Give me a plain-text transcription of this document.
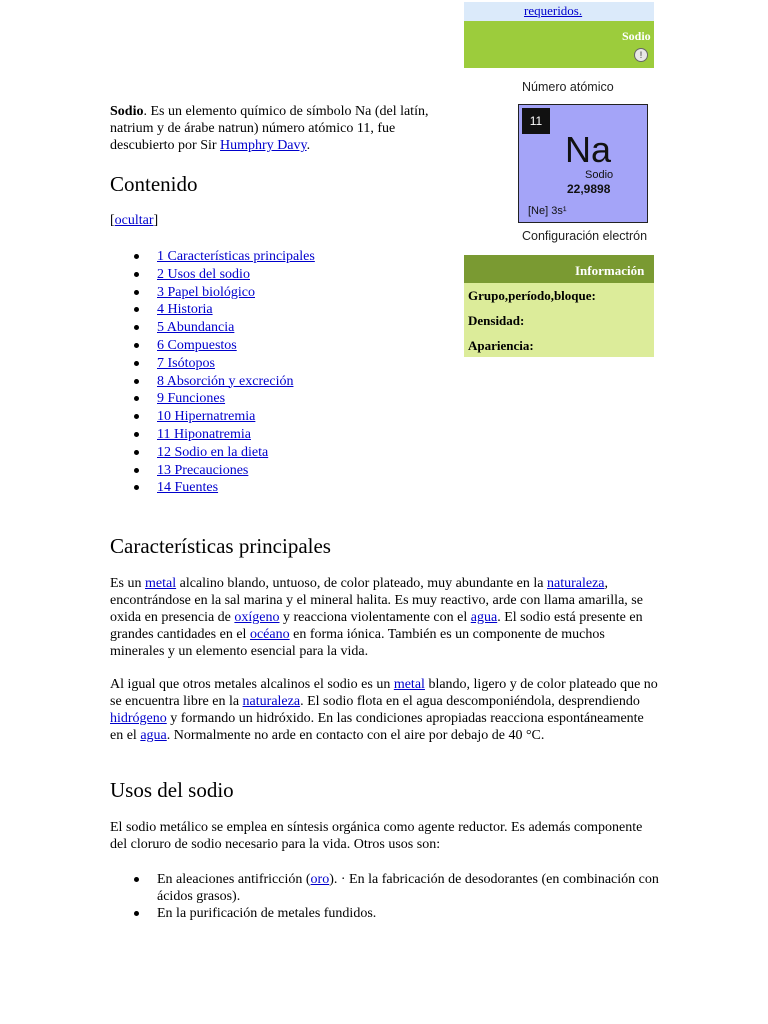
requeridos.
Sodio
!
Número atómico
11
Na
Sodio
22,9898
[Ne] 3s¹
Configuración electrón
Información
Grupo,período,bloque:
Densidad:
Apariencia:
Sodio. Es un elemento químico de símbolo Na (del latín, natrium y de árabe natrun) número atómico 11, fue descubierto por Sir Humphry Davy.
Contenido
[ocultar]
1 Características principales
2 Usos del sodio
3 Papel biológico
4 Historia
5 Abundancia
6 Compuestos
7 Isótopos
8 Absorción y excreción
9 Funciones
10 Hipernatremia
11 Hiponatremia
12 Sodio en la dieta
13 Precauciones
14 Fuentes
Características principales
Es un metal alcalino blando, untuoso, de color plateado, muy abundante en la naturaleza, encontrándose en la sal marina y el mineral halita. Es muy reactivo, arde con llama amarilla, se oxida en presencia de oxígeno y reacciona violentamente con el agua. El sodio está presente en grandes cantidades en el océano en forma iónica. También es un componente de muchos minerales y un elemento esencial para la vida.
Al igual que otros metales alcalinos el sodio es un metal blando, ligero y de color plateado que no se encuentra libre en la naturaleza. El sodio flota en el agua descomponiéndola, desprendiendo hidrógeno y formando un hidróxido. En las condiciones apropiadas reacciona espontáneamente en el agua. Normalmente no arde en contacto con el aire por debajo de 40 °C.
Usos del sodio
El sodio metálico se emplea en síntesis orgánica como agente reductor. Es además componente del cloruro de sodio necesario para la vida. Otros usos son:
En aleaciones antifricción (oro). · En la fabricación de desodorantes (en combinación con ácidos grasos).
En la purificación de metales fundidos.
